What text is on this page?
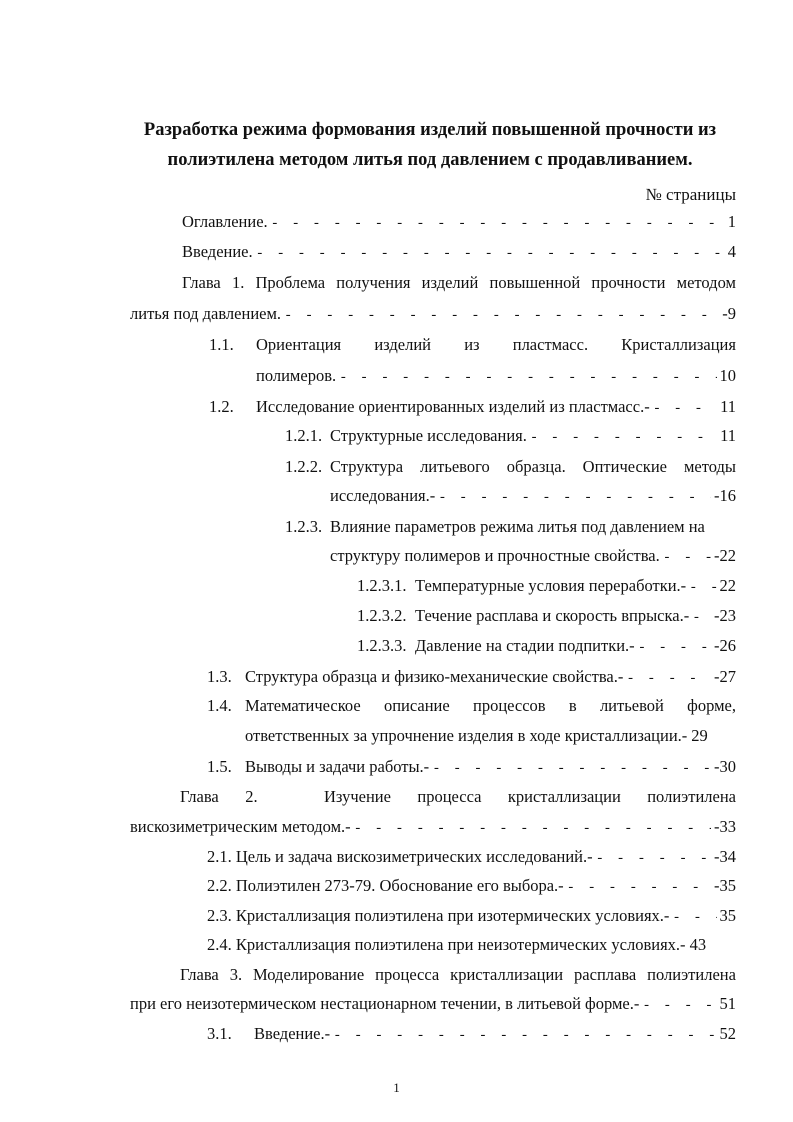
Разработка режима формования изделий повышенной прочности из
полиэтилена методом литья под давлением с продавливанием.
№ страницы
Оглавление. - - -	1
Введение. - - -	4
Глава 1. Проблема получения изделий повышенной прочности методом
литья под давлением. - - -	-9
1.1. Ориентация изделий из пластмасс. Кристаллизация
полимеров. - - -	10
1.2.	Исследование ориентированных изделий из пластмасс.- - - -	11
1.2.1. Структурные исследования. - - -	11
1.2.2. Структура литьевого образца. Оптические методы
исследования.- - - -	-16
1.2.3. Влияние параметров режима литья под давлением на
структуру полимеров и прочностные свойства. - - -	-22
1.2.3.1. Температурные условия переработки.- - - - 22
1.2.3.2. Течение расплава и скорость впрыска.- - - - -23
1.2.3.3. Давление на стадии подпитки.- - - -	-26
1.3. Структура образца и физико-механические свойства.- - - -	-27
1.4. Математическое описание процессов в литьевой форме,
ответственных за упрочнение изделия в ходе кристаллизации.- 29
1.5. Выводы и задачи работы.- - - -	-30
Глава 2.	Изучение процесса кристаллизации полиэтилена
вискозиметрическим методом.- - - -	-33
2.1. Цель и задача вискозиметрических исследований.- - - -	-34
2.2. Полиэтилен 273-79. Обоснование его выбора.- - - -	-35
2.3. Кристаллизация полиэтилена при изотермических условиях.- - - -	35
2.4. Кристаллизация полиэтилена при неизотермических условиях.- 43
Глава 3. Моделирование процесса кристаллизации расплава полиэтилена
при его неизотермическом нестационарном течении, в литьевой форме.- - - -	51
3.1.	Введение.- - - -	52
1
